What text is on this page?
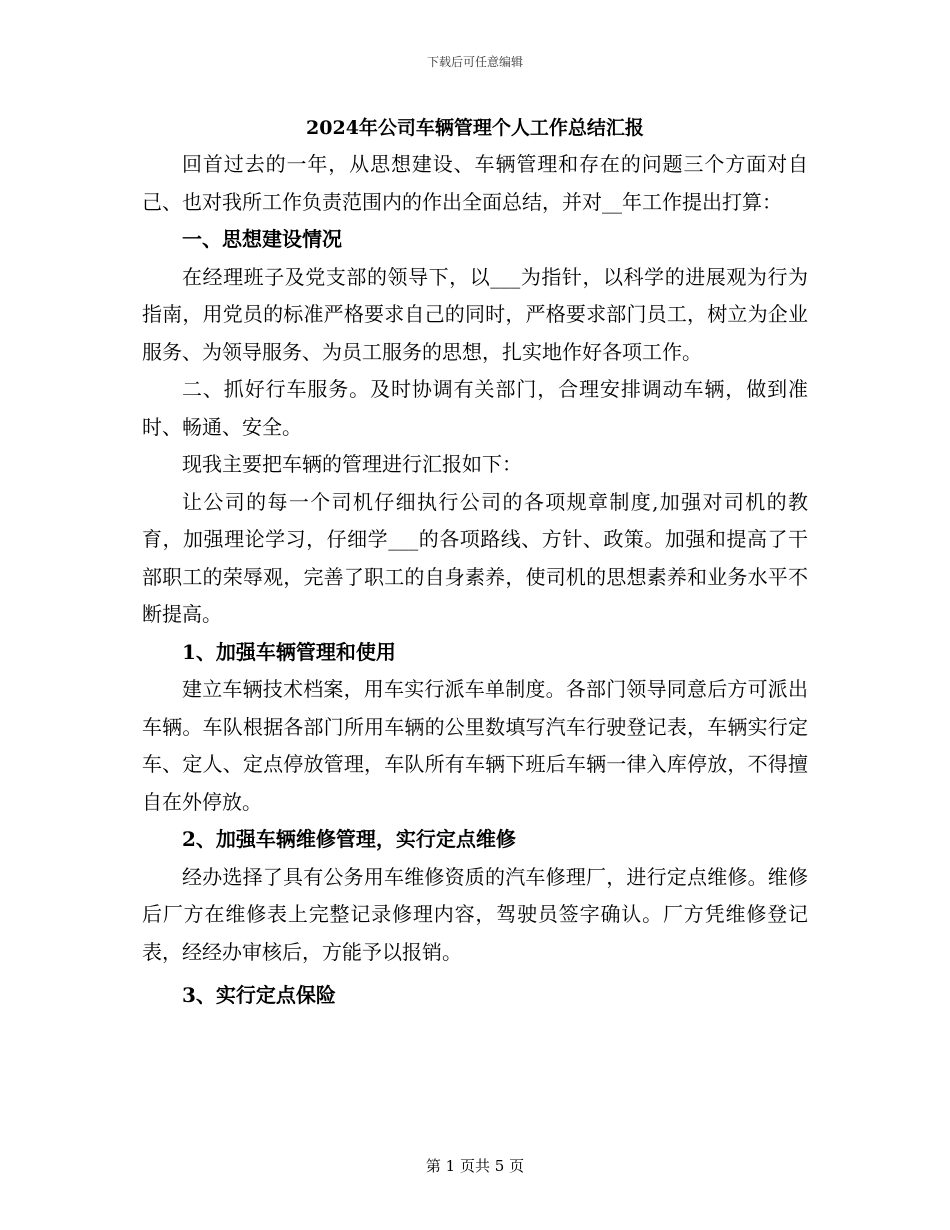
下载后可任意编辑
2024年公司车辆管理个人工作总结汇报

回首过去的一年，从思想建设、车辆管理和存在的问题三个方面对自己、也对我所工作负责范围内的作出全面总结，并对__年工作提出打算：

一、思想建设情况

在经理班子及党支部的领导下，以___为指针，以科学的进展观为行为指南，用党员的标准严格要求自己的同时，严格要求部门员工，树立为企业服务、为领导服务、为员工服务的思想，扎实地作好各项工作。

二、抓好行车服务。及时协调有关部门，合理安排调动车辆，做到准时、畅通、安全。

现我主要把车辆的管理进行汇报如下：

让公司的每一个司机仔细执行公司的各项规章制度,加强对司机的教育，加强理论学习，仔细学___的各项路线、方针、政策。加强和提高了干部职工的荣辱观，完善了职工的自身素养，使司机的思想素养和业务水平不断提高。

1、加强车辆管理和使用

建立车辆技术档案，用车实行派车单制度。各部门领导同意后方可派出车辆。车队根据各部门所用车辆的公里数填写汽车行驶登记表，车辆实行定车、定人、定点停放管理，车队所有车辆下班后车辆一律入库停放，不得擅自在外停放。

2、加强车辆维修管理，实行定点维修

经办选择了具有公务用车维修资质的汽车修理厂，进行定点维修。维修后厂方在维修表上完整记录修理内容，驾驶员签字确认。厂方凭维修登记表，经经办审核后，方能予以报销。

3、实行定点保险

第 1 页共 5 页
